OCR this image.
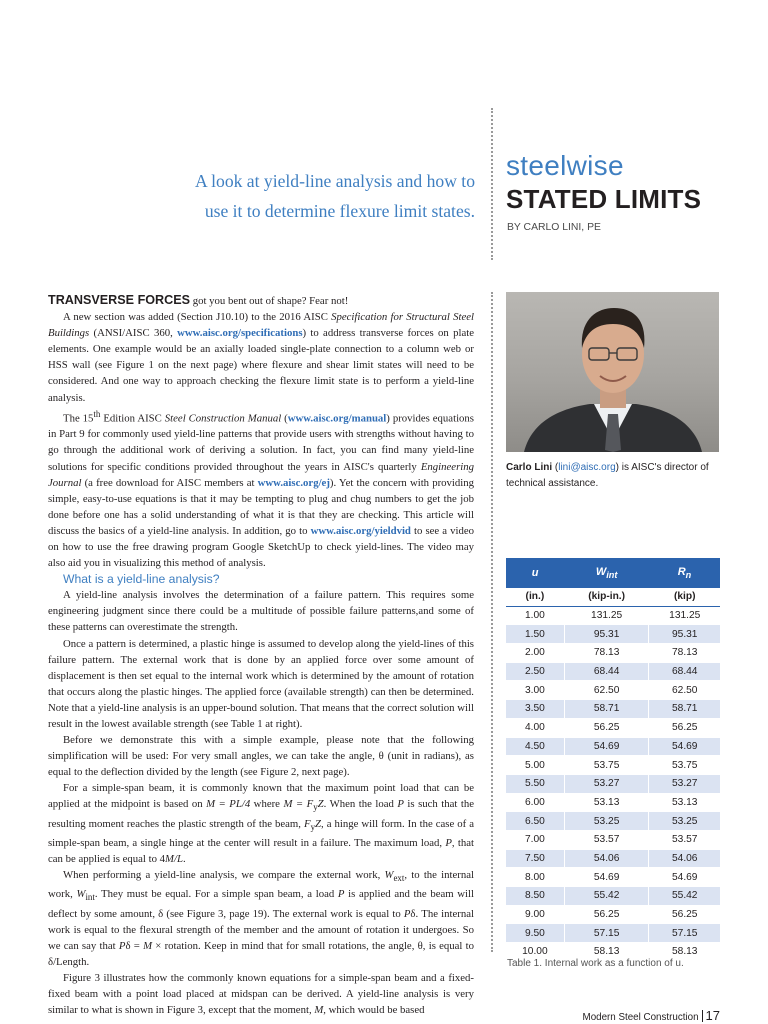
A look at yield-line analysis and how to
use it to determine flexure limit states.
steelwise
STATED LIMITS
BY CARLO LINI, PE

TRANSVERSE FORCES got you bent out of shape? Fear not!

A new section was added (Section J10.10) to the 2016 AISC Specification for Structural Steel Buildings (ANSI/AISC 360, www.aisc.org/specifications) to address transverse forces on plate elements. One example would be an axially loaded single-plate connection to a column web or HSS wall (see Figure 1 on the next page) where flexure and shear limit states will need to be considered. And one way to approach checking the flexure limit state is to perform a yield-line analysis.

The 15th Edition AISC Steel Construction Manual (www.aisc.org/manual) provides equations in Part 9 for commonly used yield-line patterns that provide users with strengths without having to go through the additional work of deriving a solution. In fact, you can find many yield-line solutions for specific conditions provided throughout the years in AISC's quarterly Engineering Journal (a free download for AISC members at www.aisc.org/ej). Yet the concern with providing simple, easy-to-use equations is that it may be tempting to plug and chug numbers to get the job done before one has a solid understanding of what it is that they are checking. This article will discuss the basics of a yield-line analysis. In addition, go to www.aisc.org/yieldvid to see a video on how to use the free drawing program Google SketchUp to check yield-lines. The video may also aid you in visualizing this method of analysis.

What is a yield-line analysis?

A yield-line analysis involves the determination of a failure pattern. This requires some engineering judgment since there could be a multitude of possible failure patterns,and some of these patterns can overestimate the strength.

Once a pattern is determined, a plastic hinge is assumed to develop along the yield-lines of this failure pattern. The external work that is done by an applied force over some amount of displacement is then set equal to the internal work which is determined by the amount of rotation that occurs along the plastic hinges. The applied force (available strength) can then be determined. Note that a yield-line analysis is an upper-bound solution. That means that the correct solution will result in the lowest available strength (see Table 1 at right).

Before we demonstrate this with a simple example, please note that the following simplification will be used: For very small angles, we can take the angle, θ (unit in radians), as equal to the deflection divided by the length (see Figure 2, next page).

For a simple-span beam, it is commonly known that the maximum point load that can be applied at the midpoint is based on M = PL/4 where $M = F_yZ$. When the load P is such that the resulting moment reaches the plastic strength of the beam, $F_yZ$, a hinge will form. In the case of a simple-span beam, a single hinge at the center will result in a failure. The maximum load, P, that can be applied is equal to 4M/L.

When performing a yield-line analysis, we compare the external work, $W_{ext}$, to the internal work, $W_{int}$. They must be equal. For a simple span beam, a load P is applied and the beam will deflect by some amount, δ (see Figure 3, page 19). The external work is equal to Pδ. The internal work is equal to the flexural strength of the member and the amount of rotation it undergoes. So we can say that Pδ = M × rotation. Keep in mind that for small rotations, the angle, θ, is equal to δ/Length.

Figure 3 illustrates how the commonly known equations for a simple-span beam and a fixed-fixed beam with a point load placed at midspan can be derived. A yield-line analysis is very similar to what is shown in Figure 3, except that the moment, M, which would be based

Carlo Lini (lini@aisc.org) is AISC's director of technical assistance.
u	$W_{int}$	$R_n$
(in.)	(kip-in.)	(kip)
1.00	131.25	131.25
1.50	95.31	95.31
2.00	78.13	78.13
2.50	68.44	68.44
3.00	62.50	62.50
3.50	58.71	58.71
4.00	56.25	56.25
4.50	54.69	54.69
5.00	53.75	53.75
5.50	53.27	53.27
6.00	53.13	53.13
6.50	53.25	53.25
7.00	53.57	53.57
7.50	54.06	54.06
8.00	54.69	54.69
8.50	55.42	55.42
9.00	56.25	56.25
9.50	57.15	57.15
10.00	58.13	58.13
Table 1. Internal work as a function of u.
Modern Steel Construction 17
